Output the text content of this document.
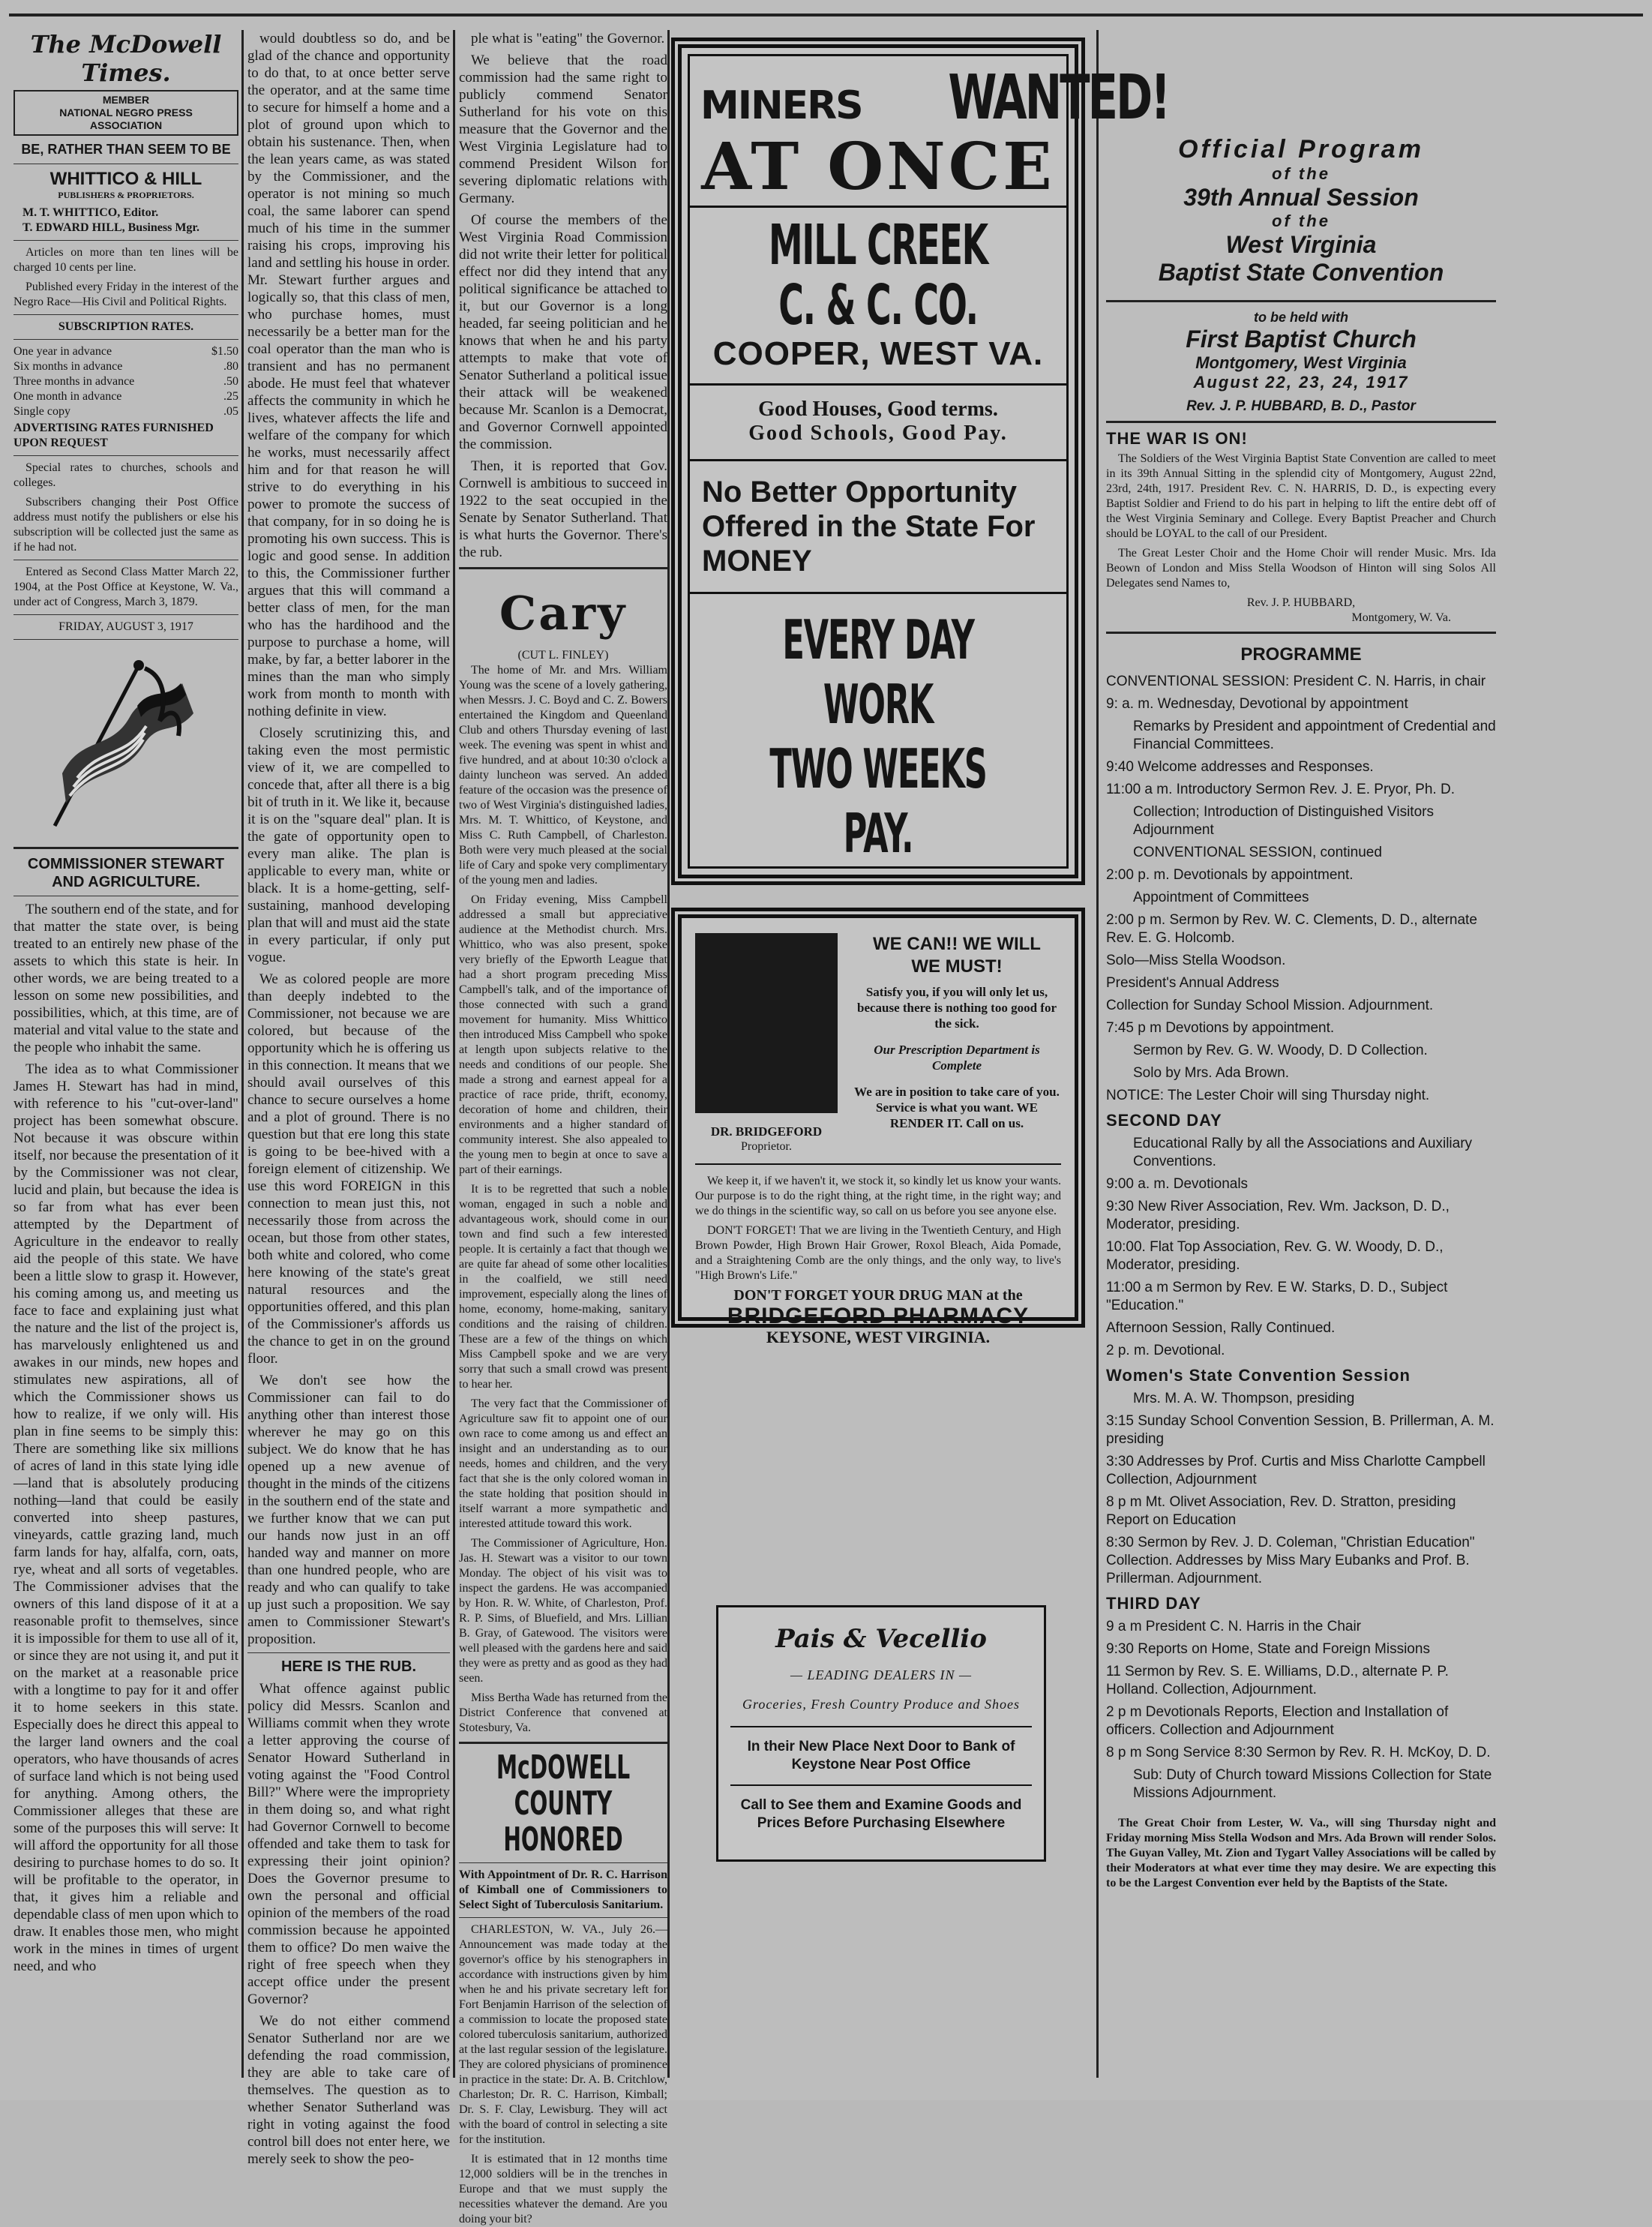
The McDowell Times.
MEMBER
NATIONAL NEGRO PRESS
ASSOCIATION
BE, RATHER THAN SEEM TO BE
WHITTICO & HILL
PUBLISHERS & PROPRIETORS.
M. T. WHITTICO, Editor.
T. EDWARD HILL, Business Mgr.
Articles on more than ten lines will be charged 10 cents per line.
Published every Friday in the interest of the Negro Race—His Civil and Political Rights.
SUBSCRIPTION RATES.
One year in advance	$1.50
Six months in advance	.80
Three months in advance	.50
One month in advance	.25
Single copy	.05
ADVERTISING RATES FURNISHED UPON REQUEST
Special rates to churches, schools and colleges.
Subscribers changing their Post Office address must notify the publishers or else his subscription will be collected just the same as if he had not.
Entered as Second Class Matter March 22, 1904, at the Post Office at Keystone, W. Va., under act of Congress, March 3, 1879.
FRIDAY, AUGUST 3, 1917
COMMISSIONER STEWART AND AGRICULTURE.
The southern end of the state, and for that matter the state over, is being treated to an entirely new phase of the assets to which this state is heir. In other words, we are being treated to a lesson on some new possibilities, and possibilities, which, at this time, are of material and vital value to the state and the people who inhabit the same.
The idea as to what Commissioner James H. Stewart has had in mind, with reference to his "cut-over-land" project has been somewhat obscure. Not because it was obscure within itself, nor because the presentation of it by the Commissioner was not clear, lucid and plain, but because the idea is so far from what has ever been attempted by the Department of Agriculture in the endeavor to really aid the people of this state. We have been a little slow to grasp it. However, his coming among us, and meeting us face to face and explaining just what the nature and the list of the project is, has marvelously enlightened us and awakes in our minds, new hopes and stimulates new aspirations, all of which the Commissioner shows us how to realize, if we only will. His plan in fine seems to be simply this: There are something like six millions of acres of land in this state lying idle—land that is absolutely producing nothing—land that could be easily converted into sheep pastures, vineyards, cattle grazing land, much farm lands for hay, alfalfa, corn, oats, rye, wheat and all sorts of vegetables. The Commissioner advises that the owners of this land dispose of it at a reasonable profit to themselves, since it is impossible for them to use all of it, or since they are not using it, and put it on the market at a reasonable price with a longtime to pay for it and offer it to home seekers in this state. Especially does he direct this appeal to the larger land owners and the coal operators, who have thousands of acres of surface land which is not being used for anything. Among others, the Commissioner alleges that these are some of the purposes this will serve: It will afford the opportunity for all those desiring to purchase homes to do so. It will be profitable to the operator, in that, it gives him a reliable and dependable class of men upon which to draw. It enables those men, who might work in the mines in times of urgent need, and who
would doubtless so do, and be glad of the chance and opportunity to do that, to at once better serve the operator, and at the same time to secure for himself a home and a plot of ground upon which to obtain his sustenance. Then, when the lean years came, as was stated by the Commissioner, and the operator is not mining so much coal, the same laborer can spend much of his time in the summer raising his crops, improving his land and settling his house in order. Mr. Stewart further argues and logically so, that this class of men, who purchase homes, must necessarily be a better man for the coal operator than the man who is transient and has no permanent abode. He must feel that whatever affects the community in which he lives, whatever affects the life and welfare of the company for which he works, must necessarily affect him and for that reason he will strive to do everything in his power to promote the success of that company, for in so doing he is promoting his own success. This is logic and good sense. In addition to this, the Commissioner further argues that this will command a better class of men, for the man who has the hardihood and the purpose to purchase a home, will make, by far, a better laborer in the mines than the man who simply work from month to month with nothing definite in view.
Closely scrutinizing this, and taking even the most permistic view of it, we are compelled to concede that, after all there is a big bit of truth in it. We like it, because it is on the "square deal" plan. It is the gate of opportunity open to every man alike. The plan is applicable to every man, white or black. It is a home-getting, self-sustaining, manhood developing plan that will and must aid the state in every particular, if only put vogue.
We as colored people are more than deeply indebted to the Commissioner, not because we are colored, but because of the opportunity which he is offering us in this connection. It means that we should avail ourselves of this chance to secure ourselves a home and a plot of ground. There is no question but that ere long this state is going to be bee-hived with a foreign element of citizenship. We use this word FOREIGN in this connection to mean just this, not necessarily those from across the ocean, but those from other states, both white and colored, who come here knowing of the state's great natural resources and the opportunities offered, and this plan of the Commissioner's affords us the chance to get in on the ground floor.
We don't see how the Commissioner can fail to do anything other than interest those wherever he may go on this subject. We do know that he has opened up a new avenue of thought in the minds of the citizens in the southern end of the state and we further know that we can put our hands now just in an off handed way and manner on more than one hundred people, who are ready and who can qualify to take up just such a proposition. We say amen to Commissioner Stewart's proposition.
HERE IS THE RUB.
What offence against public policy did Messrs. Scanlon and Williams commit when they wrote a letter approving the course of Senator Howard Sutherland in voting against the "Food Control Bill?" Where were the impropriety in them doing so, and what right had Governor Cornwell to become offended and take them to task for expressing their joint opinion? Does the Governor presume to own the personal and official opinion of the members of the road commission because he appointed them to office? Do men waive the right of free speech when they accept office under the present Governor?
We do not either commend Senator Sutherland nor are we defending the road commission, they are able to take care of themselves. The question as to whether Senator Sutherland was right in voting against the food control bill does not enter here, we merely seek to show the peo-
ple what is "eating" the Governor.
We believe that the road commission had the same right to publicly commend Senator Sutherland for his vote on this measure that the Governor and the West Virginia Legislature had to commend President Wilson for severing diplomatic relations with Germany.
Of course the members of the West Virginia Road Commission did not write their letter for political effect nor did they intend that any political significance be attached to it, but our Governor is a long headed, far seeing politician and he knows that when he and his party attempts to make that vote of Senator Sutherland a political issue their attack will be weakened because Mr. Scanlon is a Democrat, and Governor Cornwell appointed the commission.
Then, it is reported that Gov. Cornwell is ambitious to succeed in 1922 to the seat occupied in the Senate by Senator Sutherland. That is what hurts the Governor. There's the rub.
Cary
(CUT L. FINLEY)
The home of Mr. and Mrs. William Young was the scene of a lovely gathering, when Messrs. J. C. Boyd and C. Z. Bowers entertained the Kingdom and Queenland Club and others Thursday evening of last week. The evening was spent in whist and five hundred, and at about 10:30 o'clock a dainty luncheon was served. An added feature of the occasion was the presence of two of West Virginia's distinguished ladies, Mrs. M. T. Whittico, of Keystone, and Miss C. Ruth Campbell, of Charleston. Both were very much pleased at the social life of Cary and spoke very complimentary of the young men and ladies.
On Friday evening, Miss Campbell addressed a small but appreciative audience at the Methodist church. Mrs. Whittico, who was also present, spoke very briefly of the Epworth League that had a short program preceding Miss Campbell's talk, and of the importance of those connected with such a grand movement for humanity. Miss Whittico then introduced Miss Campbell who spoke at length upon subjects relative to the needs and conditions of our people. She made a strong and earnest appeal for a practice of race pride, thrift, economy, decoration of home and children, their environments and a higher standard of community interest. She also appealed to the young men to begin at once to save a part of their earnings.
It is to be regretted that such a noble woman, engaged in such a noble and advantageous work, should come in our town and find such a few interested people. It is certainly a fact that though we are quite far ahead of some other localities in the coalfield, we still need improvement, especially along the lines of home, economy, home-making, sanitary conditions and the raising of children. These are a few of the things on which Miss Campbell spoke and we are very sorry that such a small crowd was present to hear her.
The very fact that the Commissioner of Agriculture saw fit to appoint one of our own race to come among us and effect an insight and an understanding as to our needs, homes and children, and the very fact that she is the only colored woman in the state holding that position should in itself warrant a more sympathetic and interested attitude toward this work.
The Commissioner of Agriculture, Hon. Jas. H. Stewart was a visitor to our town Monday. The object of his visit was to inspect the gardens. He was accompanied by Hon. R. W. White, of Charleston, Prof. R. P. Sims, of Bluefield, and Mrs. Lillian B. Gray, of Gatewood. The visitors were well pleased with the gardens here and said they were as pretty and as good as they had seen.
Miss Bertha Wade has returned from the District Conference that convened at Stotesbury, Va.
McDOWELL COUNTY
HONORED
With Appointment of Dr. R. C. Harrison of Kimball one of Commissioners to Select Sight of Tuberculosis Sanitarium.
CHARLESTON, W. VA., July 26.—Announcement was made today at the governor's office by his stenographers in accordance with instructions given by him when he and his private secretary left for Fort Benjamin Harrison of the selection of a commission to locate the proposed state colored tuberculosis sanitarium, authorized at the last regular session of the legislature. They are colored physicians of prominence in practice in the state: Dr. A. B. Critchlow, Charleston; Dr. R. C. Harrison, Kimball; Dr. S. F. Clay, Lewisburg. They will act with the board of control in selecting a site for the institution.
It is estimated that in 12 months time 12,000 soldiers will be in the trenches in Europe and that we must supply the necessities whatever the demand. Are you doing your bit?
MINERS WANTED!
AT ONCE
MILL CREEK C. & C. CO.
COOPER, WEST VA.
Good Houses, Good terms.
Good Schools, Good Pay.
No Better Opportunity
Offered in the State For
MONEY
EVERY DAY WORK
TWO WEEKS PAY.
DR. BRIDGEFORD
Proprietor.
WE CAN!! WE WILL
WE MUST!
Satisfy you, if you will only let us, because there is nothing too good for the sick.
Our Prescription Department is Complete
We are in position to take care of you. Service is what you want. WE RENDER IT. Call on us.
We keep it, if we haven't it, we stock it, so kindly let us know your wants. Our purpose is to do the right thing, at the right time, in the right way; and we do things in the scientific way, so call on us before you see anyone else.
DON'T FORGET! That we are living in the Twentieth Century, and High Brown Powder, High Brown Hair Grower, Roxol Bleach, Aida Pomade, and a Straightening Comb are the only things, and the only way, to live's "High Brown's Life."
DON'T FORGET YOUR DRUG MAN at the
BRIDGEFORD PHARMACY
KEYSONE, WEST VIRGINIA.
Pais & Vecellio
— LEADING DEALERS IN —
Groceries, Fresh Country Produce and Shoes
In their New Place Next Door to Bank of Keystone Near Post Office
Call to See them and Examine Goods and Prices Before Purchasing Elsewhere
Official Program
of the
39th Annual Session
of the
West Virginia
Baptist State Convention
to be held with
First Baptist Church
Montgomery, West Virginia
August 22, 23, 24, 1917
Rev. J. P. HUBBARD, B. D., Pastor
THE WAR IS ON!
The Soldiers of the West Virginia Baptist State Convention are called to meet in its 39th Annual Sitting in the splendid city of Montgomery, August 22nd, 23rd, 24th, 1917. President Rev. C. N. HARRIS, D. D., is expecting every Baptist Soldier and Friend to do his part in helping to lift the entire debt off of the West Virginia Seminary and College. Every Baptist Preacher and Church should be LOYAL to the call of our President.
The Great Lester Choir and the Home Choir will render Music. Mrs. Ida Beown of London and Miss Stella Woodson of Hinton will sing Solos All Delegates send Names to,
Rev. J. P. HUBBARD,
Montgomery, W. Va.
PROGRAMME
CONVENTIONAL SESSION: President C. N. Harris, in chair
9: a. m. Wednesday, Devotional by appointment
Remarks by President and appointment of Credential and Financial Committees.
9:40 Welcome addresses and Responses.
11:00 a m. Introductory Sermon Rev. J. E. Pryor, Ph. D.
Collection; Introduction of Distinguished Visitors Adjournment
CONVENTIONAL SESSION, continued
2:00 p. m. Devotionals by appointment.
Appointment of Committees
2:00 p m. Sermon by Rev. W. C. Clements, D. D., alternate Rev. E. G. Holcomb.
Solo—Miss Stella Woodson.
President's Annual Address
Collection for Sunday School Mission. Adjournment.
7:45 p m Devotions by appointment.
Sermon by Rev. G. W. Woody, D. D Collection.
Solo by Mrs. Ada Brown.
NOTICE: The Lester Choir will sing Thursday night.
SECOND DAY
Educational Rally by all the Associations and Auxiliary Conventions.
9:00 a. m. Devotionals
9:30 New River Association, Rev. Wm. Jackson, D. D., Moderator, presiding.
10:00. Flat Top Association, Rev. G. W. Woody, D. D., Moderator, presiding.
11:00 a m Sermon by Rev. E W. Starks, D. D., Subject "Education."
Afternoon Session, Rally Continued.
2 p. m. Devotional.
Women's State Convention Session
Mrs. M. A. W. Thompson, presiding
3:15 Sunday School Convention Session, B. Prillerman, A. M. presiding
3:30 Addresses by Prof. Curtis and Miss Charlotte Campbell Collection, Adjournment
8 p m Mt. Olivet Association, Rev. D. Stratton, presiding Report on Education
8:30 Sermon by Rev. J. D. Coleman, "Christian Education" Collection. Addresses by Miss Mary Eubanks and Prof. B. Prillerman. Adjournment.
THIRD DAY
9 a m President C. N. Harris in the Chair
9:30 Reports on Home, State and Foreign Missions
11 Sermon by Rev. S. E. Williams, D.D., alternate P. P. Holland. Collection, Adjournment.
2 p m Devotionals Reports, Election and Installation of officers. Collection and Adjournment
8 p m Song Service 8:30 Sermon by Rev. R. H. McKoy, D. D.
Sub: Duty of Church toward Missions Collection for State Missions Adjournment.
The Great Choir from Lester, W. Va., will sing Thursday night and Friday morning Miss Stella Wodson and Mrs. Ada Brown will render Solos. The Guyan Valley, Mt. Zion and Tygart Valley Associations will be called by their Moderators at what ever time they may desire. We are expecting this to be the Largest Convention ever held by the Baptists of the State.
